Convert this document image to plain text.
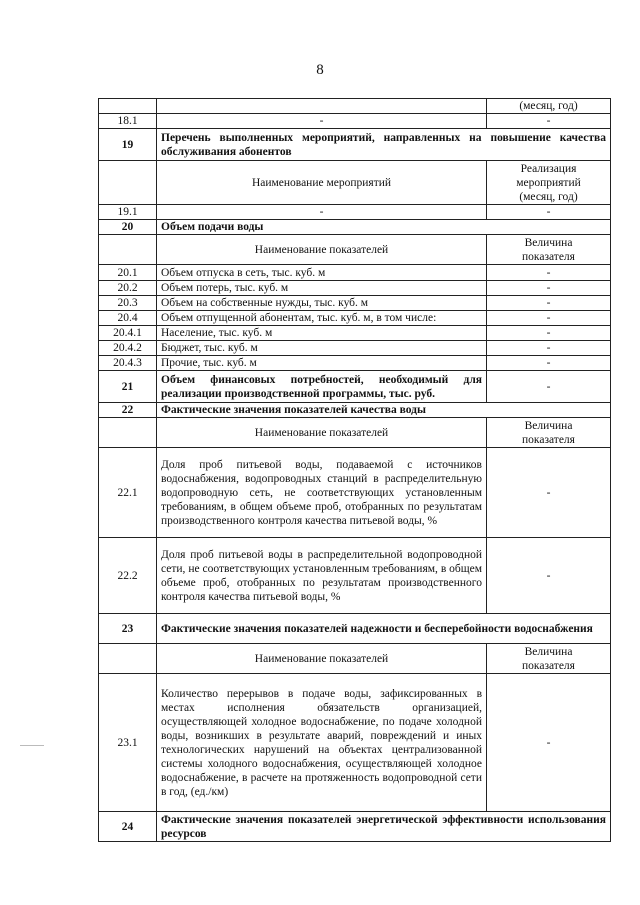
8
		(месяц, год)
18.1	-	-
19	Перечень выполненных мероприятий, направленных на повышение качества обслуживания абонентов	
	Наименование мероприятий	Реализация
мероприятий
(месяц, год)
19.1	-	-
20	Объем подачи воды	
	Наименование показателей	Величина
показателя
20.1	Объем отпуска в сеть, тыс. куб. м	-
20.2	Объем потерь, тыс. куб. м	-
20.3	Объем на собственные нужды, тыс. куб. м	-
20.4	Объем отпущенной абонентам, тыс. куб. м, в том числе:	-
20.4.1	Население, тыс. куб. м	-
20.4.2	Бюджет, тыс. куб. м	-
20.4.3	Прочие, тыс. куб. м	-
21	Объем финансовых потребностей, необходимый для реализации производственной программы, тыс. руб.	-
22	Фактические значения показателей качества воды	
	Наименование показателей	Величина
показателя
22.1	Доля проб питьевой воды, подаваемой с источников водоснабжения, водопроводных станций в распределительную водопроводную сеть, не соответствующих установленным требованиям, в общем объеме проб, отобранных по результатам производственного контроля качества питьевой воды, %	-
22.2	Доля проб питьевой воды в распределительной водопроводной сети, не соответствующих установленным требованиям, в общем объеме проб, отобранных по результатам производственного контроля качества питьевой воды, %	-
23	Фактические значения показателей надежности и бесперебойности водоснабжения	
	Наименование показателей	Величина
показателя
23.1	Количество перерывов в подаче воды, зафиксированных в местах исполнения обязательств организацией, осуществляющей холодное водоснабжение, по подаче холодной воды, возникших в результате аварий, повреждений и иных технологических нарушений на объектах централизованной системы холодного водоснабжения, осуществляющей холодное водоснабжение, в расчете на протяженность водопроводной сети в год, (ед./км)	-
24	Фактические значения показателей энергетической эффективности использования ресурсов	
